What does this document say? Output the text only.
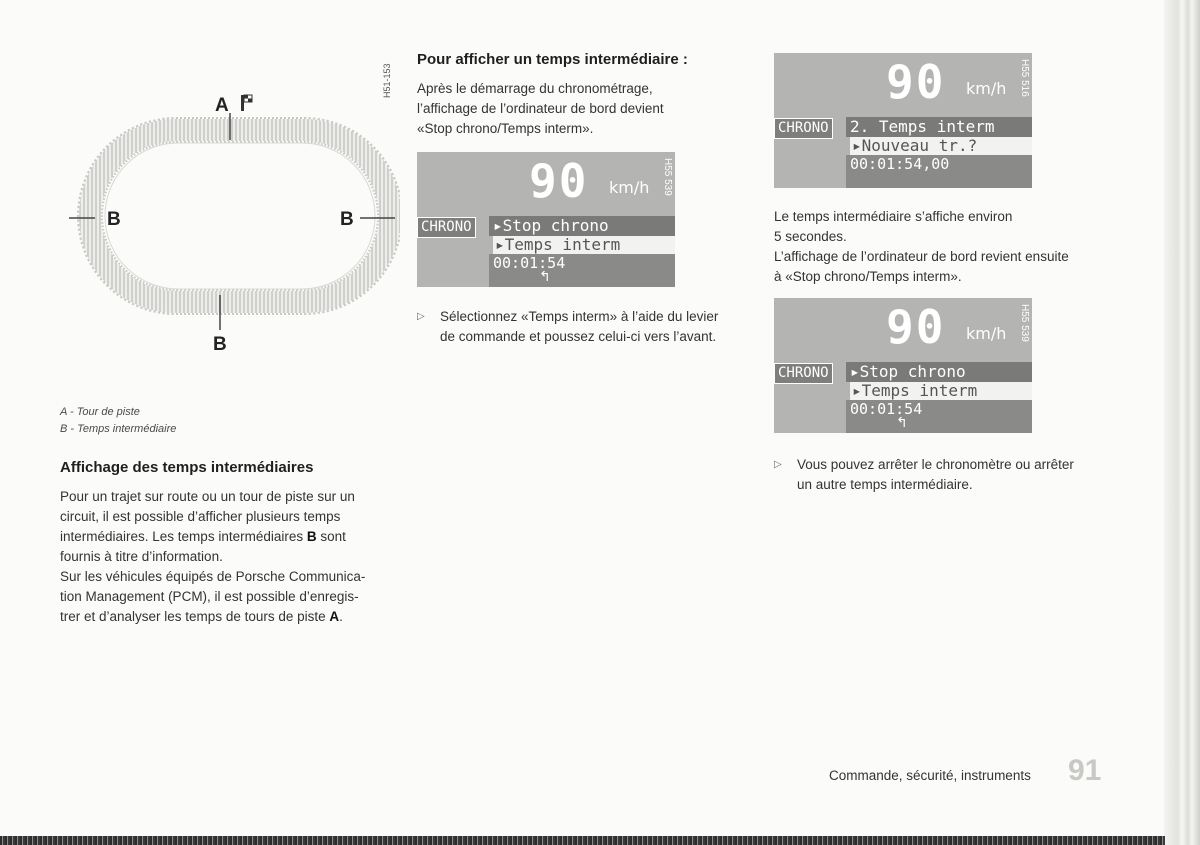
H51-153
A
B	B
B
A - Tour de piste
B - Temps intermédiaire
Affichage des temps intermédiaires
Pour un trajet sur route ou un tour de piste sur un
circuit, il est possible d’afficher plusieurs temps
intermédiaires. Les temps intermédiaires B sont
fournis à titre d’information.
Sur les véhicules équipés de Porsche Communica-
tion Management (PCM), il est possible d’enregis-
trer et d’analyser les temps de tours de piste A.
Pour afficher un temps intermédiaire :
Après le démarrage du chronométrage,
l’affichage de l’ordinateur de bord devient
«Stop chrono/Temps interm».
90 km/h H55 539
CHRONO ▸Stop chrono
▸Temps interm
00:01:54
↰
▷ Sélectionnez «Temps interm» à l’aide du levier
de commande et poussez celui-ci vers l’avant.
90 km/h H55 516
CHRONO 2. Temps interm
▸Nouveau tr.?
00:01:54,00
Le temps intermédiaire s’affiche environ
5 secondes.
L’affichage de l’ordinateur de bord revient ensuite
à «Stop chrono/Temps interm».
90 km/h H55 539
CHRONO ▸Stop chrono
▸Temps interm
00:01:54
↰
▷ Vous pouvez arrêter le chronomètre ou arrêter
un autre temps intermédiaire.
Commande, sécurité, instruments 91
